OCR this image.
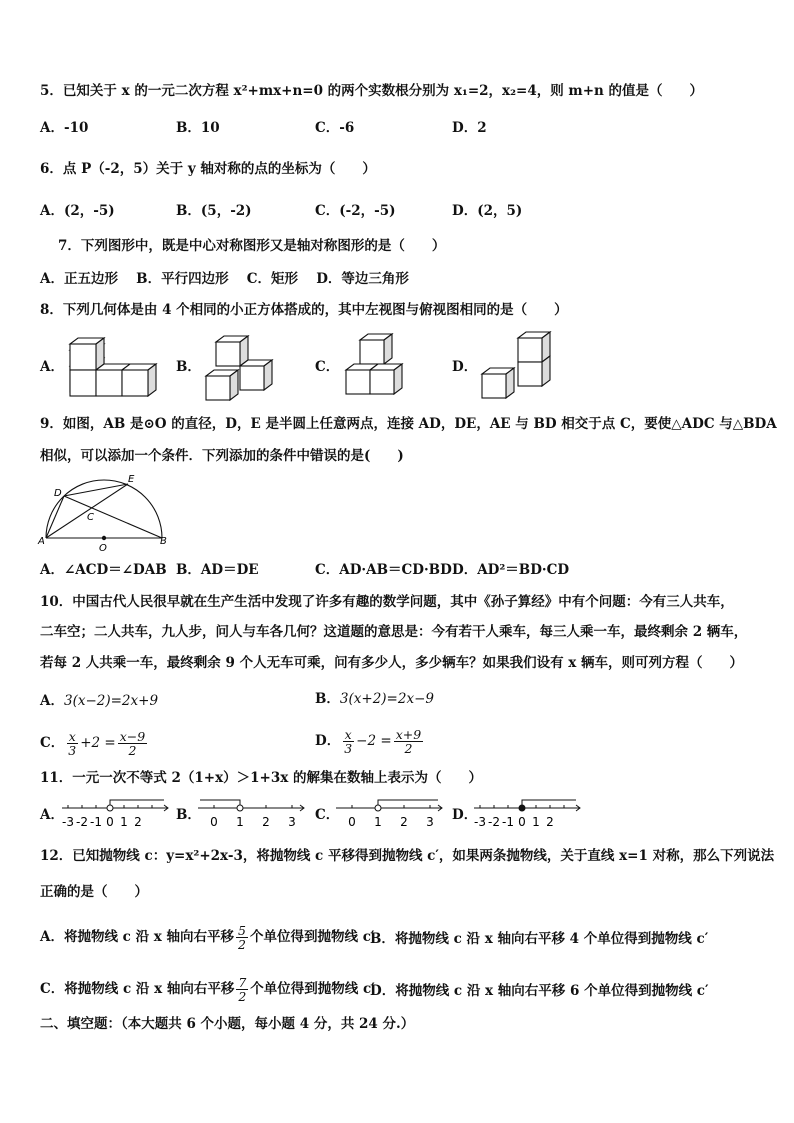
5．已知关于 x 的一元二次方程 x²+mx+n=0 的两个实数根分别为 x₁=2，x₂=4，则 m+n 的值是（　　）
A．-10	B．10	C．-6	D．2
6．点 P（-2，5）关于 y 轴对称的点的坐标为（　　）
A．(2，-5)	B．(5，-2)	C．(-2，-5)	D．(2，5)
7．下列图形中，既是中心对称图形又是轴对称图形的是（　　）
A．正五边形　 B．平行四边形　 C．矩形　 D．等边三角形
8．下列几何体是由 4 个相同的小正方体搭成的，其中左视图与俯视图相同的是（　　）
A．	B．	C．	D．
9．如图，AB 是⊙O 的直径，D，E 是半圆上任意两点，连接 AD，DE，AE 与 BD 相交于点 C，要使△ADC 与△BDA
相似，可以添加一个条件．下列添加的条件中错误的是(　　)
D
E
C
A
O
B
A．∠ACD＝∠DAB B．AD＝DE	C．AD·AB＝CD·BD D．AD²＝BD·CD
10．中国古代人民很早就在生产生活中发现了许多有趣的数学问题，其中《孙子算经》中有个问题：今有三人共车，
二车空；二人共车，九人步，问人与车各几何？这道题的意思是：今有若干人乘车，每三人乘一车，最终剩余 2 辆车，
若每 2 人共乘一车，最终剩余 9 个人无车可乘，问有多少人，多少辆车？如果我们设有 x 辆车，则可列方程（　　）
A．3(x−2)=2x+9	B．3(x+2)=2x−9
C． $\frac{x}{3} +2 = \frac{x-9}{2}$	D． $\frac{x}{3} -2 = \frac{x+9}{2}$
11．一元一次不等式 2（1+x）＞1+3x 的解集在数轴上表示为（　　）
A．	B．	C．	D．
-3 -2 -1 0 1 2	0 1 2 3	0 1 2 3	-3 -2 -1 0 1 2
12．已知抛物线 c：y=x²+2x-3，将抛物线 c 平移得到抛物线 c′，如果两条抛物线，关于直线 x=1 对称，那么下列说法
正确的是（　　）
A．将抛物线 c 沿 x 轴向右平移 $\frac{5}{2}$ 个单位得到抛物线 c′
B．将抛物线 c 沿 x 轴向右平移 4 个单位得到抛物线 c′
C．将抛物线 c 沿 x 轴向右平移 $\frac{7}{2}$ 个单位得到抛物线 c′
D．将抛物线 c 沿 x 轴向右平移 6 个单位得到抛物线 c′
二、填空题：（本大题共 6 个小题，每小题 4 分，共 24 分.）
